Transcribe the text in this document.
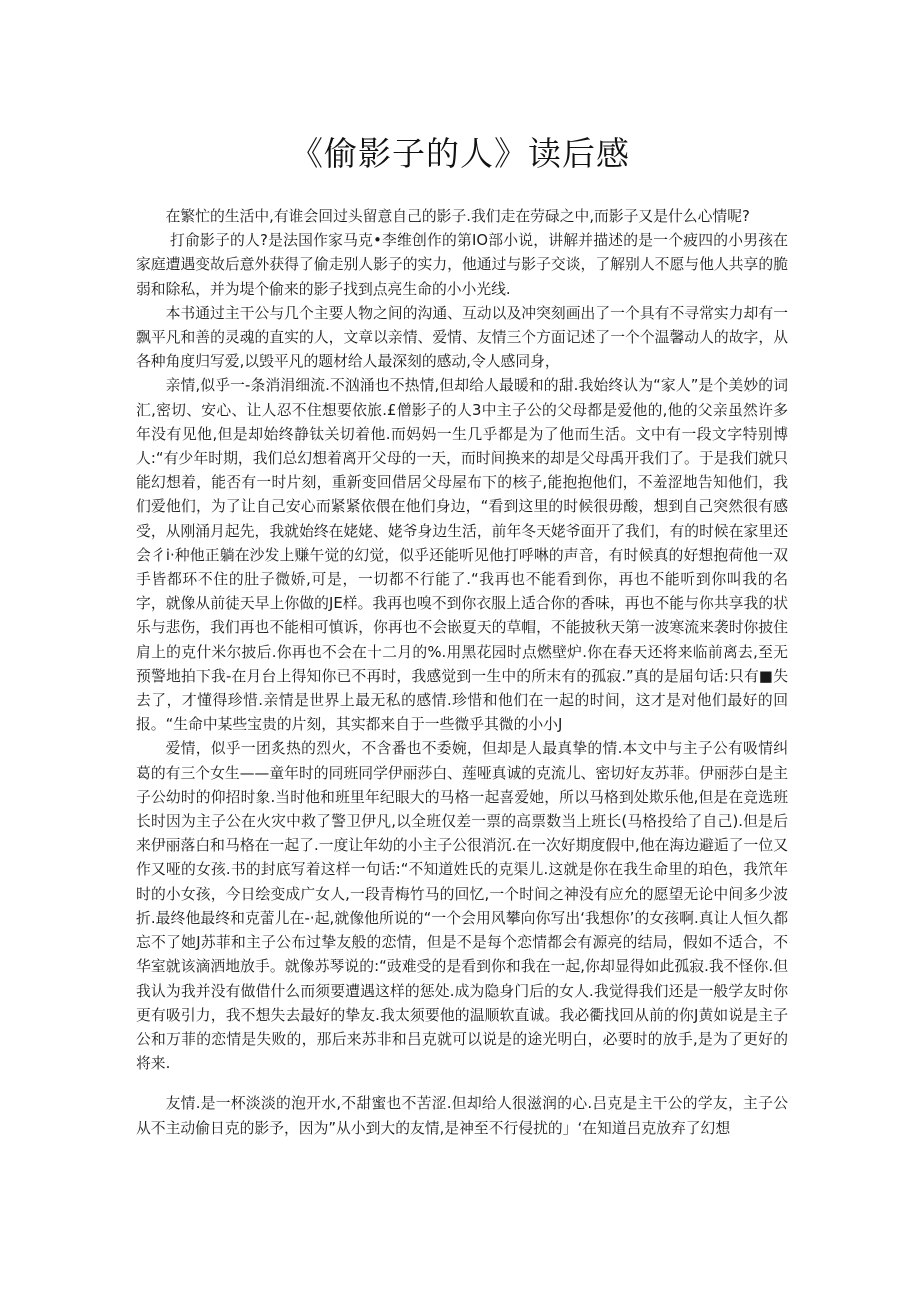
《偷影子的人》读后感

在繁忙的生活中,有谁会回过头留意自己的影子.我们走在劳碌之中,而影子又是什么心情呢?

打俞影子的人?是法国作家马克•李维创作的第IO部小说，讲解并描述的是一个疲四的小男孩在家庭遭遇变故后意外获得了偷走别人影子的实力，他通过与影子交谈，了解别人不愿与他人共享的脆弱和除私，并为堤个偷来的影子找到点亮生命的小小光线.

本书通过主干公与几个主要人物之间的沟通、互动以及冲突刻画出了一个具有不寻常实力却有一飘平凡和善的灵魂的直实的人，文章以亲情、爱情、友情三个方面记述了一个个温馨动人的故字，从各种角度归写爱,以毁平凡的题材给人最深刻的感动,令人感同身，

亲情,似乎一-条消涓细流.不汹涌也不热情,但却给人最暖和的甜.我始终认为“家人”是个美妙的词汇,密切、安心、让人忍不住想要依旅.£僧影子的人3中主子公的父母都是爱他的,他的父亲虽然许多年没有见他,但是却始终静钛关切着他.而妈妈一生几乎都是为了他而生活。文中有一段文字特别博人:“有少年时期，我们总幻想着离开父母的一天，而时间换来的却是父母禹开我们了。于是我们就只能幻想着，能否有一时片刻，重新变回借居父母屋布下的核子,能抱抱他们，不羞涩地告知他们，我们爱他们，为了让自己安心而紧紧依偎在他们身边，“看到这里的时候很毋酸，想到自己突然很有感受，从刚涌月起先，我就始终在姥姥、姥爷身边生活，前年冬天姥爷面开了我们，有的时候在家里还会彳i·种他正躺在沙发上赚午觉的幻觉，似乎还能听见他打呼啉的声音，有时候真的好想抱荷他一双手皆都环不住的肚子微娇,可是，一切都不行能了.“我再也不能看到你，再也不能听到你叫我的名字，就像从前徒天早上你做的JE样。我再也嗅不到你衣服上适合你的香味，再也不能与你共享我的状乐与悲伤，我们再也不能相可慎诉，你再也不会嵌夏天的草帽，不能披秋天第一波寒流来袭时你披住肩上的克什米尔披后.你再也不会在十二月的%.用黑花园时点燃壁炉.你在春天还将来临前离去,至无预警地拍下我-在月台上得知你已不再时，我感觉到一生中的所末有的孤寂.”真的是届句话:只有■失去了，才懂得珍惜.亲情是世界上最无私的感情.珍惜和他们在一起的时间，这才是对他们最好的回报。“生命中某些宝贵的片刻，其实都来自于一些微乎其微的小小J

爱情，似乎一团炙热的烈火，不含番也不委婉，但却是人最真挚的情.本文中与主子公有吸情纠葛的有三个女生——童年时的同班同学伊丽莎白、莲哑真诚的克流儿、密切好友苏菲。伊丽莎白是主子公幼时的仰招时象.当时他和班里年纪眼大的马格一起喜爱她，所以马格到处欺乐他,但是在竞选班长时因为主子公在火灾中救了警卫伊凡,以全班仅差一票的高票数当上班长(马格投给了自己).但是后来伊丽落白和马格在一起了.一度让年幼的小主子公很消沉.在一次好期度假中,他在海边避逅了一位又作又哑的女孩.书的封底写着这样一句话:“不知道姓氏的克渠儿.这就是你在我生命里的珀色，我笊年时的小女孩，今日绘变成广女人,一段青梅竹马的回忆,一个时间之神没有应允的愿望无论中间多少波折.最终他最终和克蕾儿在-·起,就像他所说的“一个会用风攀向你写出‘我想你’的女孩啊.真让人恒久都忘不了她J苏菲和主子公布过挚友般的恋情，但是不是每个恋情都会有源亮的结局，假如不适合，不华室就该滴洒地放手。就像苏琴说的:“豉难受的是看到你和我在一起,你却显得如此孤寂.我不怪你.但我认为我并没有做借什么而须要遭遇这样的惩处.成为隐身门后的女人.我觉得我们还是一般学友时你更有吸引力，我不想失去最好的挚友.我太须要他的温顺软直诚。我必衢找回从前的你J黄如说是主子公和万菲的恋情是失败的，那后来苏非和吕克就可以说是的途光明白，必要时的放手,是为了更好的将来.

友情.是一杯淡淡的泡开水,不甜蜜也不苦涩.但却给人很滋润的心.吕克是主干公的学友，主子公从不主动偷日克的影予，因为”从小到大的友情,是神至不行侵扰的」‘在知道吕克放弃了幻想
